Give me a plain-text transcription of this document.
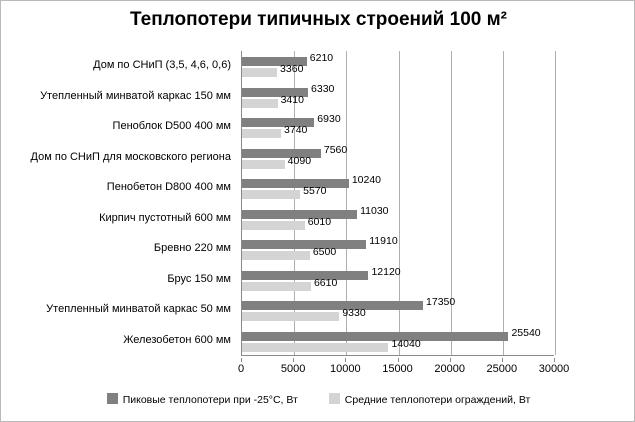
Теплопотери типичных строений 100 м²
Дом по СНиП (3,5, 4,6, 0,6)
Утепленный минватой каркас 150 мм
Пеноблок D500 400 мм
Дом по СНиП для московского региона
Пенобетон D800 400 мм
Кирпич пустотный 600 мм
Бревно 220 мм
Брус 150 мм
Утепленный минватой каркас 50 мм
Железобетон 600 мм
6210
3360
6330
3410
6930
3740
7560
4090
10240
5570
11030
6010
11910
6500
12120
6610
17350
9330
25540
14040
0	5000 10000 15000 20000 25000 30000
Пиковые теплопотери при -25°C, Вт	Средние теплопотери ограждений, Вт
